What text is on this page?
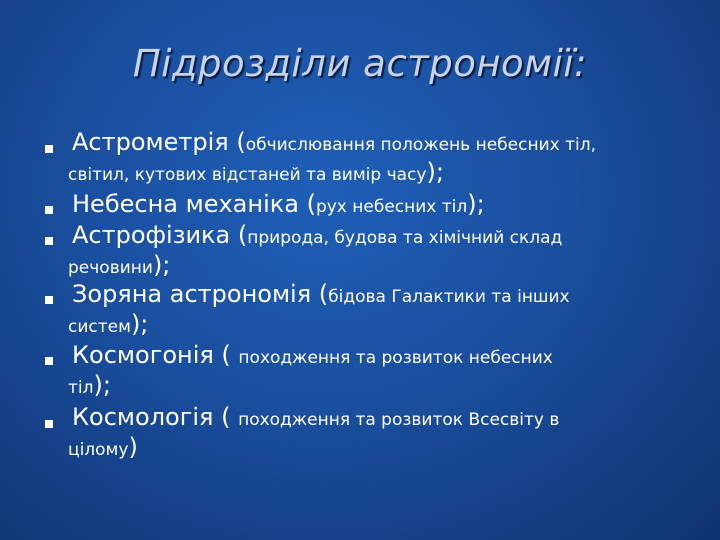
Підрозділи астрономії:
Астрометрія (обчислювання положень небесних тіл,
світил, кутових відстаней та вимір часу);
Небесна механіка (рух небесних тіл);
Астрофізика (природа, будова та хімічний склад
речовини);
Зоряна астрономія (бідова Галактики та інших
систем);
Космогонія ( походження та розвиток небесних
тіл);
Космологія ( походження та розвиток Всесвіту в
цілому)
